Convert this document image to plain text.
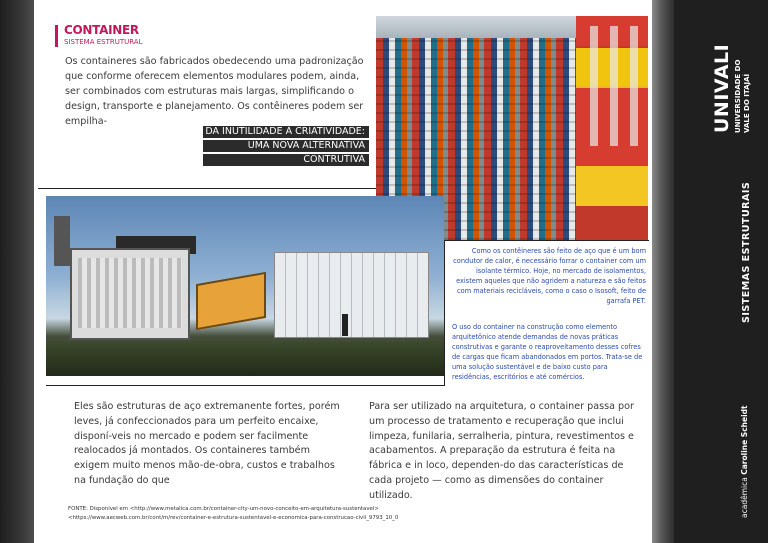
CONTAINER
SISTEMA ESTRUTURAL
Os containeres são fabricados obedecendo uma padronização que conforme oferecem elementos modulares podem, ainda, ser combinados com estruturas mais largas, simplificando o design, transporte e planejamento. Os contêineres podem ser empilha-
DA INUTILIDADE À CRIATIVIDADE:
UMA NOVA ALTERNATIVA
CONTRUTIVA
Como os contêineres são feito de aço que é um bom condutor de calor, é necessário forrar o container com um isolante térmico. Hoje, no mercado de isolamentos, existem aqueles que não agridem a natureza e são feitos com materiais recicláveis, como o caso o Isosoft, feito de garrafa PET.
O uso do container na construção como elemento arquitetônico atende demandas de novas práticas construtivas e garante o reaproveitamento desses cofres de cargas que ficam abandonados em portos. Trata-se de uma solução sustentável e de baixo custo para residências, escritórios e até comércios.
Eles são estruturas de aço extremanente fortes, porém leves, já confeccionados para um perfeito encaixe, disponí-veis no mercado e podem ser facilmente realocados já montados. Os containeres também exigem muito menos mão-de-obra, custos e trabalhos na fundação do que
Para ser utilizado na arquitetura, o container passa por um processo de tratamento e recuperação que inclui limpeza, funilaria, serralheria, pintura, revestimentos e acabamentos. A preparação da estrutura é feita na fábrica e in loco, dependen-do das características de cada projeto — como as dimensões do container utilizado.
FONTE: Disponível em <http://www.metalica.com.br/container-city-um-novo-conceito-em-arquitetura-sustentavel>
<https://www.aecweb.com.br/cont/m/rev/container-e-estrutura-sustentavel-e-economica-para-construcao-civil_9793_10_0
UNIVALI UNIVERSIDADE DO VALE DO ITAJAÍ
SISTEMAS ESTRUTURAIS
acadêmica Caroline Scheidt
